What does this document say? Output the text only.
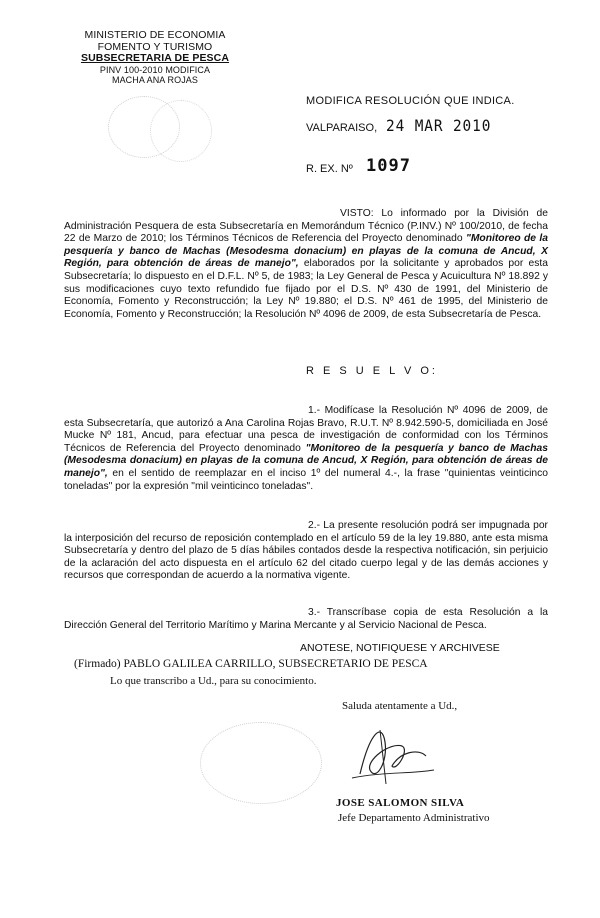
MINISTERIO DE ECONOMIA
FOMENTO Y TURISMO
SUBSECRETARIA DE PESCA
PINV 100-2010 MODIFICA
MACHA ANA ROJAS
MODIFICA RESOLUCIÓN QUE INDICA.
VALPARAISO, 24 MAR 2010
R. EX. Nº 1097
VISTO: Lo informado por la División de Administración Pesquera de esta Subsecretaría en Memorándum Técnico (P.INV.) Nº 100/2010, de fecha 22 de Marzo de 2010; los Términos Técnicos de Referencia del Proyecto denominado "Monitoreo de la pesquería y banco de Machas (Mesodesma donacium) en playas de la comuna de Ancud, X Región, para obtención de áreas de manejo", elaborados por la solicitante y aprobados por esta Subsecretaría; lo dispuesto en el D.F.L. Nº 5, de 1983; la Ley General de Pesca y Acuicultura Nº 18.892 y sus modificaciones cuyo texto refundido fue fijado por el D.S. Nº 430 de 1991, del Ministerio de Economía, Fomento y Reconstrucción; la Ley Nº 19.880; el D.S. Nº 461 de 1995, del Ministerio de Economía, Fomento y Reconstrucción; la Resolución Nº 4096 de 2009, de esta Subsecretaría de Pesca.
R E S U E L V O:
1.- Modifícase la Resolución Nº 4096 de 2009, de esta Subsecretaría, que autorizó a Ana Carolina Rojas Bravo, R.U.T. Nº 8.942.590-5, domiciliada en José Mucke Nº 181, Ancud, para efectuar una pesca de investigación de conformidad con los Términos Técnicos de Referencia del Proyecto denominado "Monitoreo de la pesquería y banco de Machas (Mesodesma donacium) en playas de la comuna de Ancud, X Región, para obtención de áreas de manejo", en el sentido de reemplazar en el inciso 1º del numeral 4.-, la frase "quinientas veinticinco toneladas" por la expresión "mil veinticinco toneladas".
2.- La presente resolución podrá ser impugnada por la interposición del recurso de reposición contemplado en el artículo 59 de la ley 19.880, ante esta misma Subsecretaría y dentro del plazo de 5 días hábiles contados desde la respectiva notificación, sin perjuicio de la aclaración del acto dispuesta en el artículo 62 del citado cuerpo legal y de las demás acciones y recursos que correspondan de acuerdo a la normativa vigente.
3.- Transcríbase copia de esta Resolución a la Dirección General del Territorio Marítimo y Marina Mercante y al Servicio Nacional de Pesca.
ANOTESE, NOTIFIQUESE Y ARCHIVESE
(Firmado) PABLO GALILEA CARRILLO, SUBSECRETARIO DE PESCA
Lo que transcribo a Ud., para su conocimiento.
Saluda atentamente a Ud.,
JOSE SALOMON SILVA
Jefe Departamento Administrativo
